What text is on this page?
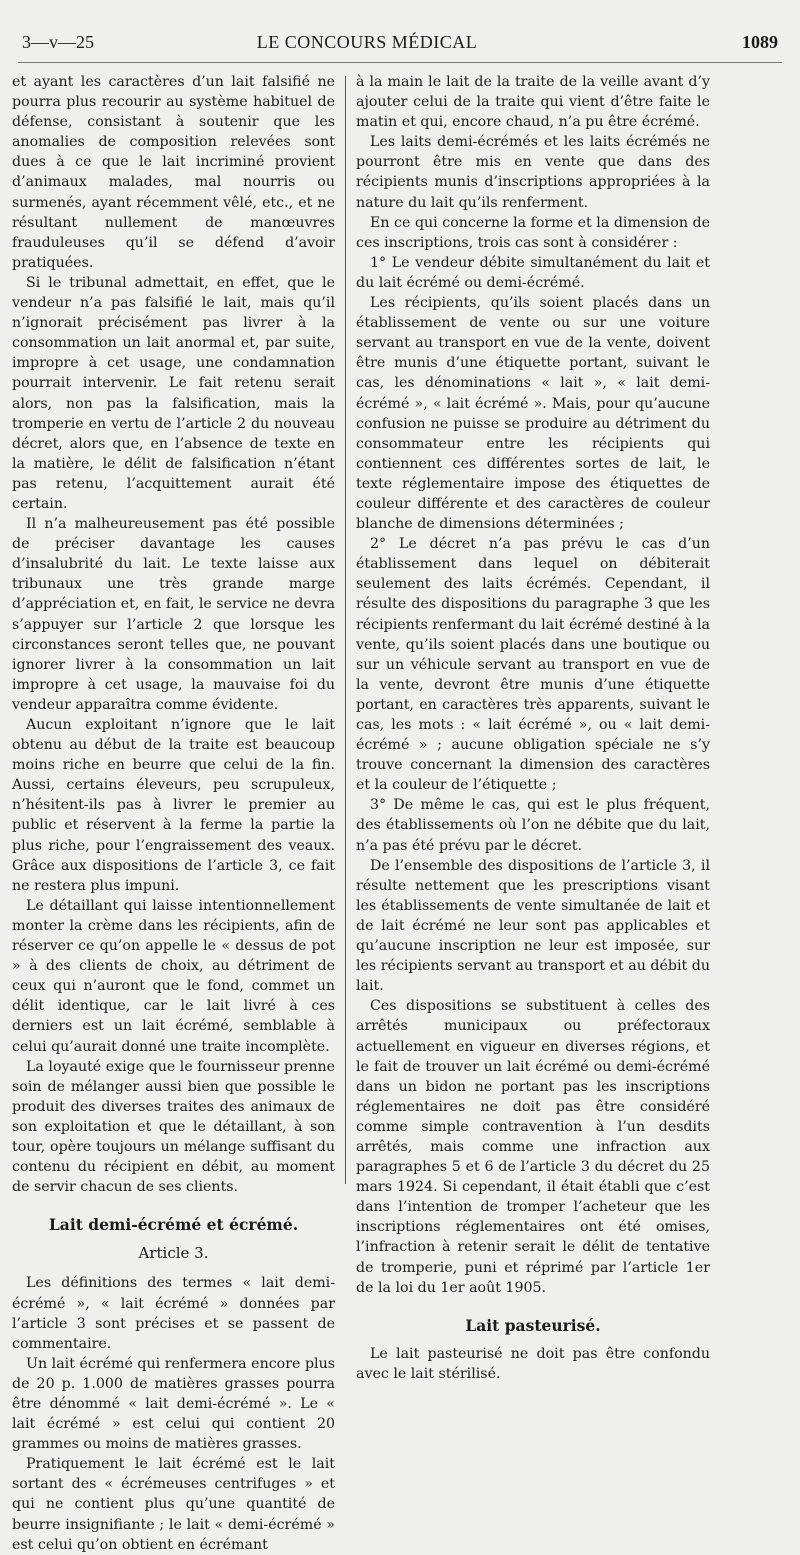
3—v—25	LE CONCOURS MÉDICAL	1089

et ayant les caractères d’un lait falsifié ne pourra plus recourir au système habituel de défense, consistant à soutenir que les anomalies de composition relevées sont dues à ce que le lait incriminé provient d’animaux malades, mal nourris ou surmenés, ayant récemment vêlé, etc., et ne résultant nullement de manœuvres frauduleuses qu’il se défend d’avoir pratiquées.

Si le tribunal admettait, en effet, que le vendeur n’a pas falsifié le lait, mais qu’il n’ignorait précisément pas livrer à la consommation un lait anormal et, par suite, impropre à cet usage, une condamnation pourrait intervenir. Le fait retenu serait alors, non pas la falsification, mais la tromperie en vertu de l’article 2 du nouveau décret, alors que, en l’absence de texte en la matière, le délit de falsification n’étant pas retenu, l’acquittement aurait été certain.

Il n’a malheureusement pas été possible de préciser davantage les causes d’insalubrité du lait. Le texte laisse aux tribunaux une très grande marge d’appréciation et, en fait, le service ne devra s’appuyer sur l’article 2 que lorsque les circonstances seront telles que, ne pouvant ignorer livrer à la consommation un lait impropre à cet usage, la mauvaise foi du vendeur apparaîtra comme évidente.

Aucun exploitant n’ignore que le lait obtenu au début de la traite est beaucoup moins riche en beurre que celui de la fin. Aussi, certains éleveurs, peu scrupuleux, n’hésitent-ils pas à livrer le premier au public et réservent à la ferme la partie la plus riche, pour l’engraissement des veaux. Grâce aux dispositions de l’article 3, ce fait ne restera plus impuni.

Le détaillant qui laisse intentionnellement monter la crème dans les récipients, afin de réserver ce qu’on appelle le « dessus de pot » à des clients de choix, au détriment de ceux qui n’auront que le fond, commet un délit identique, car le lait livré à ces derniers est un lait écrémé, semblable à celui qu’aurait donné une traite incomplète.

La loyauté exige que le fournisseur prenne soin de mélanger aussi bien que possible le produit des diverses traites des animaux de son exploitation et que le détaillant, à son tour, opère toujours un mélange suffisant du contenu du récipient en débit, au moment de servir chacun de ses clients.

Lait demi-écrémé et écrémé.
Article 3.

Les définitions des termes « lait demi-écrémé », « lait écrémé » données par l’article 3 sont précises et se passent de commentaire.

Un lait écrémé qui renfermera encore plus de 20 p. 1.000 de matières grasses pourra être dénommé « lait demi-écrémé ». Le « lait écrémé » est celui qui contient 20 grammes ou moins de matières grasses.

Pratiquement le lait écrémé est le lait sortant des « écrémeuses centrifuges » et qui ne contient plus qu’une quantité de beurre insignifiante ; le lait « demi-écrémé » est celui qu’on obtient en écrémant

à la main le lait de la traite de la veille avant d’y ajouter celui de la traite qui vient d’être faite le matin et qui, encore chaud, n’a pu être écrémé.

Les laits demi-écrémés et les laits écrémés ne pourront être mis en vente que dans des récipients munis d’inscriptions appropriées à la nature du lait qu’ils renferment.

En ce qui concerne la forme et la dimension de ces inscriptions, trois cas sont à considérer :

1° Le vendeur débite simultanément du lait et du lait écrémé ou demi-écrémé.

Les récipients, qu’ils soient placés dans un établissement de vente ou sur une voiture servant au transport en vue de la vente, doivent être munis d’une étiquette portant, suivant le cas, les dénominations « lait », « lait demi-écrémé », « lait écrémé ». Mais, pour qu’aucune confusion ne puisse se produire au détriment du consommateur entre les récipients qui contiennent ces différentes sortes de lait, le texte réglementaire impose des étiquettes de couleur différente et des caractères de couleur blanche de dimensions déterminées ;

2° Le décret n’a pas prévu le cas d’un établissement dans lequel on débiterait seulement des laits écrémés. Cependant, il résulte des dispositions du paragraphe 3 que les récipients renfermant du lait écrémé destiné à la vente, qu’ils soient placés dans une boutique ou sur un véhicule servant au transport en vue de la vente, devront être munis d’une étiquette portant, en caractères très apparents, suivant le cas, les mots : « lait écrémé », ou « lait demi-écrémé » ; aucune obligation spéciale ne s’y trouve concernant la dimension des caractères et la couleur de l’étiquette ;

3° De même le cas, qui est le plus fréquent, des établissements où l’on ne débite que du lait, n’a pas été prévu par le décret.

De l’ensemble des dispositions de l’article 3, il résulte nettement que les prescriptions visant les établissements de vente simultanée de lait et de lait écrémé ne leur sont pas applicables et qu’aucune inscription ne leur est imposée, sur les récipients servant au transport et au débit du lait.

Ces dispositions se substituent à celles des arrêtés municipaux ou préfectoraux actuellement en vigueur en diverses régions, et le fait de trouver un lait écrémé ou demi-écrémé dans un bidon ne portant pas les inscriptions réglementaires ne doit pas être considéré comme simple contravention à l’un desdits arrêtés, mais comme une infraction aux paragraphes 5 et 6 de l’article 3 du décret du 25 mars 1924. Si cependant, il était établi que c’est dans l’intention de tromper l’acheteur que les inscriptions réglementaires ont été omises, l’infraction à retenir serait le délit de tentative de tromperie, puni et réprimé par l’article 1er de la loi du 1er août 1905.

Lait pasteurisé.

Le lait pasteurisé ne doit pas être confondu avec le lait stérilisé.
